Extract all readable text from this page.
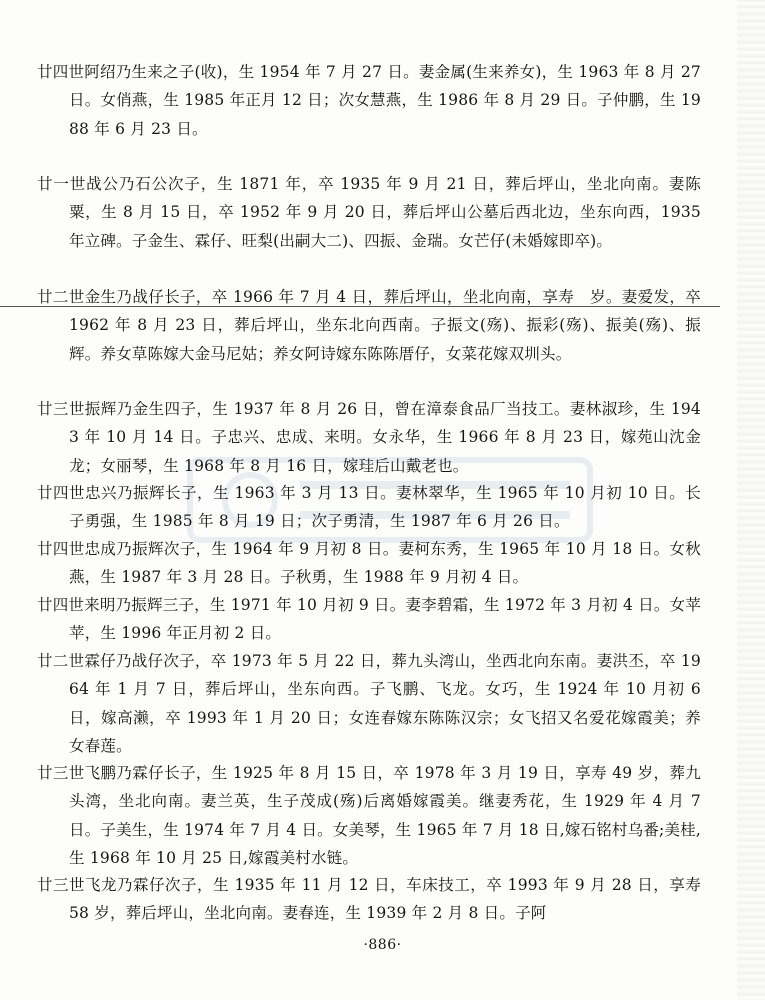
廿四世阿绍乃生来之子(收)，生 1954 年 7 月 27 日。妻金属(生来养女)，生 1963 年 8 月 27 日。女俏燕，生 1985 年正月 12 日；次女慧燕，生 1986 年 8 月 29 日。子仲鹏，生 1988 年 6 月 23 日。

廿一世战公乃石公次子，生 1871 年，卒 1935 年 9 月 21 日，葬后坪山，坐北向南。妻陈粟，生 8 月 15 日，卒 1952 年 9 月 20 日，葬后坪山公墓后西北边，坐东向西，1935 年立碑。子金生、霖仔、旺梨(出嗣大二)、四振、金瑞。女芒仔(未婚嫁即卒)。

廿二世金生乃战仔长子，卒 1966 年 7 月 4 日，葬后坪山，坐北向南，享寿　岁。妻爱发，卒 1962 年 8 月 23 日，葬后坪山，坐东北向西南。子振文(殇)、振彩(殇)、振美(殇)、振辉。养女草陈嫁大金马尼姑；养女阿诗嫁东陈陈厝仔，女菜花嫁双圳头。

廿三世振辉乃金生四子，生 1937 年 8 月 26 日，曾在漳泰食品厂当技工。妻林淑珍，生 1943 年 10 月 14 日。子忠兴、忠成、来明。女永华，生 1966 年 8 月 23 日，嫁苑山沈金龙；女丽琴，生 1968 年 8 月 16 日，嫁珪后山戴老也。

廿四世忠兴乃振辉长子，生 1963 年 3 月 13 日。妻林翠华，生 1965 年 10 月初 10 日。长子勇强，生 1985 年 8 月 19 日；次子勇清，生 1987 年 6 月 26 日。

廿四世忠成乃振辉次子，生 1964 年 9 月初 8 日。妻柯东秀，生 1965 年 10 月 18 日。女秋燕，生 1987 年 3 月 28 日。子秋勇，生 1988 年 9 月初 4 日。

廿四世来明乃振辉三子，生 1971 年 10 月初 9 日。妻李碧霜，生 1972 年 3 月初 4 日。女苹苹，生 1996 年正月初 2 日。

廿二世霖仔乃战仔次子，卒 1973 年 5 月 22 日，葬九头湾山，坐西北向东南。妻洪丕，卒 1964 年 1 月 7 日，葬后坪山，坐东向西。子飞鹏、飞龙。女巧，生 1924 年 10 月初 6 日，嫁高濑，卒 1993 年 1 月 20 日；女连春嫁东陈陈汉宗；女飞招又名爱花嫁霞美；养女春莲。

廿三世飞鹏乃霖仔长子，生 1925 年 8 月 15 日，卒 1978 年 3 月 19 日，享寿 49 岁，葬九头湾，坐北向南。妻兰英，生子茂成(殇)后离婚嫁霞美。继妻秀花，生 1929 年 4 月 7 日。子美生，生 1974 年 7 月 4 日。女美琴，生 1965 年 7 月 18 日,嫁石铭村乌番;美桂,生 1968 年 10 月 25 日,嫁霞美村水链。

廿三世飞龙乃霖仔次子，生 1935 年 11 月 12 日，车床技工，卒 1993 年 9 月 28 日，享寿 58 岁，葬后坪山，坐北向南。妻春连，生 1939 年 2 月 8 日。子阿

·886·
